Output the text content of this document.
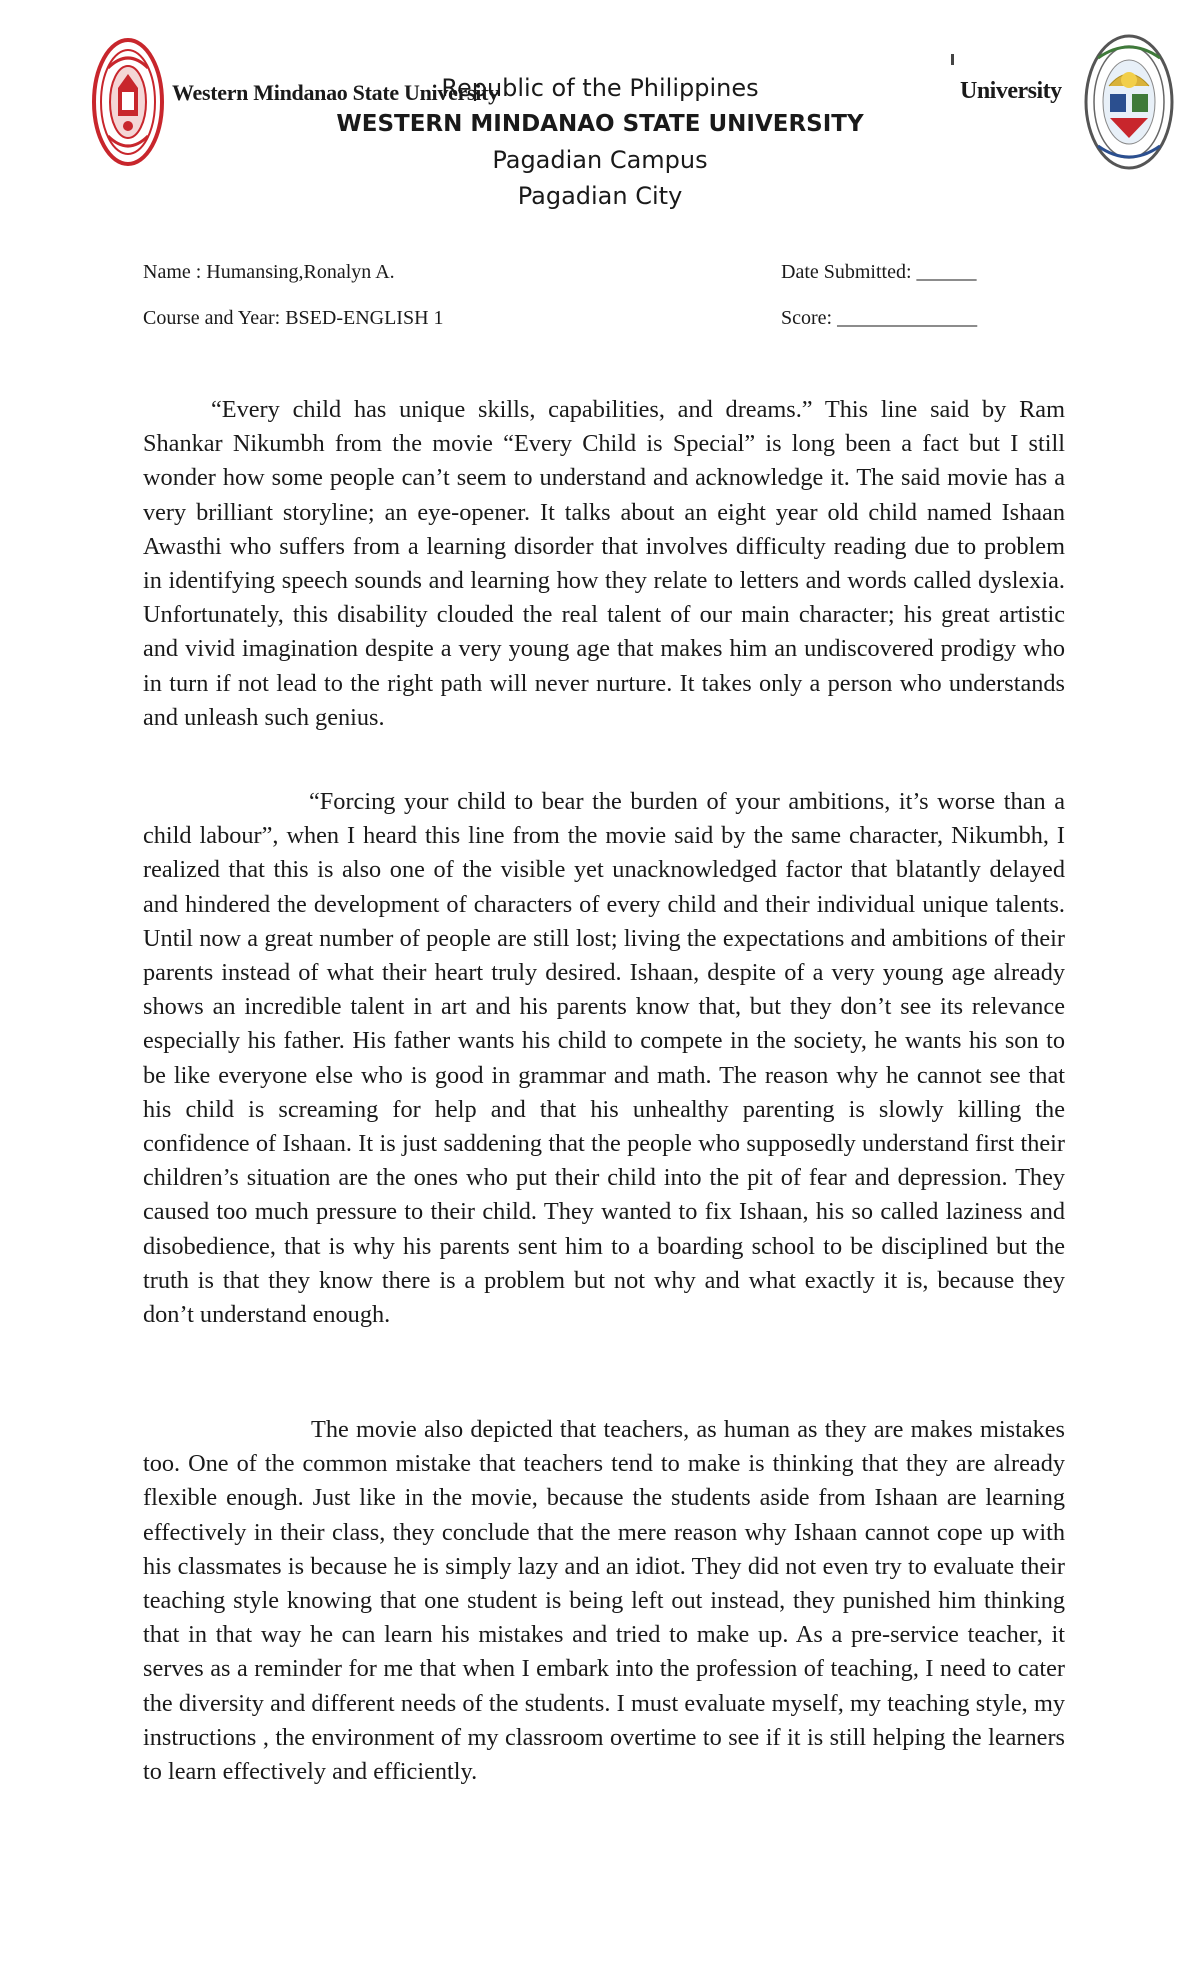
Western Mindanao State University	University
Republic of the Philippines
WESTERN MINDANAO STATE UNIVERSITY
Pagadian Campus
Pagadian City
Name : Humansing,Ronalyn A.	Date Submitted: ______
Course and Year: BSED-ENGLISH 1	Score: ______________

“Every child has unique skills, capabilities, and dreams.” This line said by Ram Shankar Nikumbh from the movie “Every Child is Special” is long been a fact but I still wonder how some people can’t seem to understand and acknowledge it. The said movie has a very brilliant storyline; an eye-opener. It talks about an eight year old child named Ishaan Awasthi who suffers from a learning disorder that involves difficulty reading due to problem in identifying speech sounds and learning how they relate to letters and words called dyslexia. Unfortunately, this disability clouded the real talent of our main character; his great artistic and vivid imagination despite a very young age that makes him an undiscovered prodigy who in turn if not lead to the right path will never nurture. It takes only a person who understands and unleash such genius.

“Forcing your child to bear the burden of your ambitions, it’s worse than a child labour”, when I heard this line from the movie said by the same character, Nikumbh, I realized that this is also one of the visible yet unacknowledged factor that blatantly delayed and hindered the development of characters of every child and their individual unique talents. Until now a great number of people are still lost; living the expectations and ambitions of their parents instead of what their heart truly desired. Ishaan, despite of a very young age already shows an incredible talent in art and his parents know that, but they don’t see its relevance especially his father. His father wants his child to compete in the society, he wants his son to be like everyone else who is good in grammar and math. The reason why he cannot see that his child is screaming for help and that his unhealthy parenting is slowly killing the confidence of Ishaan. It is just saddening that the people who supposedly understand first their children’s situation are the ones who put their child into the pit of fear and depression. They caused too much pressure to their child. They wanted to fix Ishaan, his so called laziness and disobedience, that is why his parents sent him to a boarding school to be disciplined but the truth is that they know there is a problem but not why and what exactly it is, because they don’t understand enough.

The movie also depicted that teachers, as human as they are makes mistakes too. One of the common mistake that teachers tend to make is thinking that they are already flexible enough. Just like in the movie, because the students aside from Ishaan are learning effectively in their class, they conclude that the mere reason why Ishaan cannot cope up with his classmates is because he is simply lazy and an idiot. They did not even try to evaluate their teaching style knowing that one student is being left out instead, they punished him thinking that in that way he can learn his mistakes and tried to make up. As a pre-service teacher, it serves as a reminder for me that when I embark into the profession of teaching, I need to cater the diversity and different needs of the students. I must evaluate myself, my teaching style, my instructions , the environment of my classroom overtime to see if it is still helping the learners to learn effectively and efficiently.
